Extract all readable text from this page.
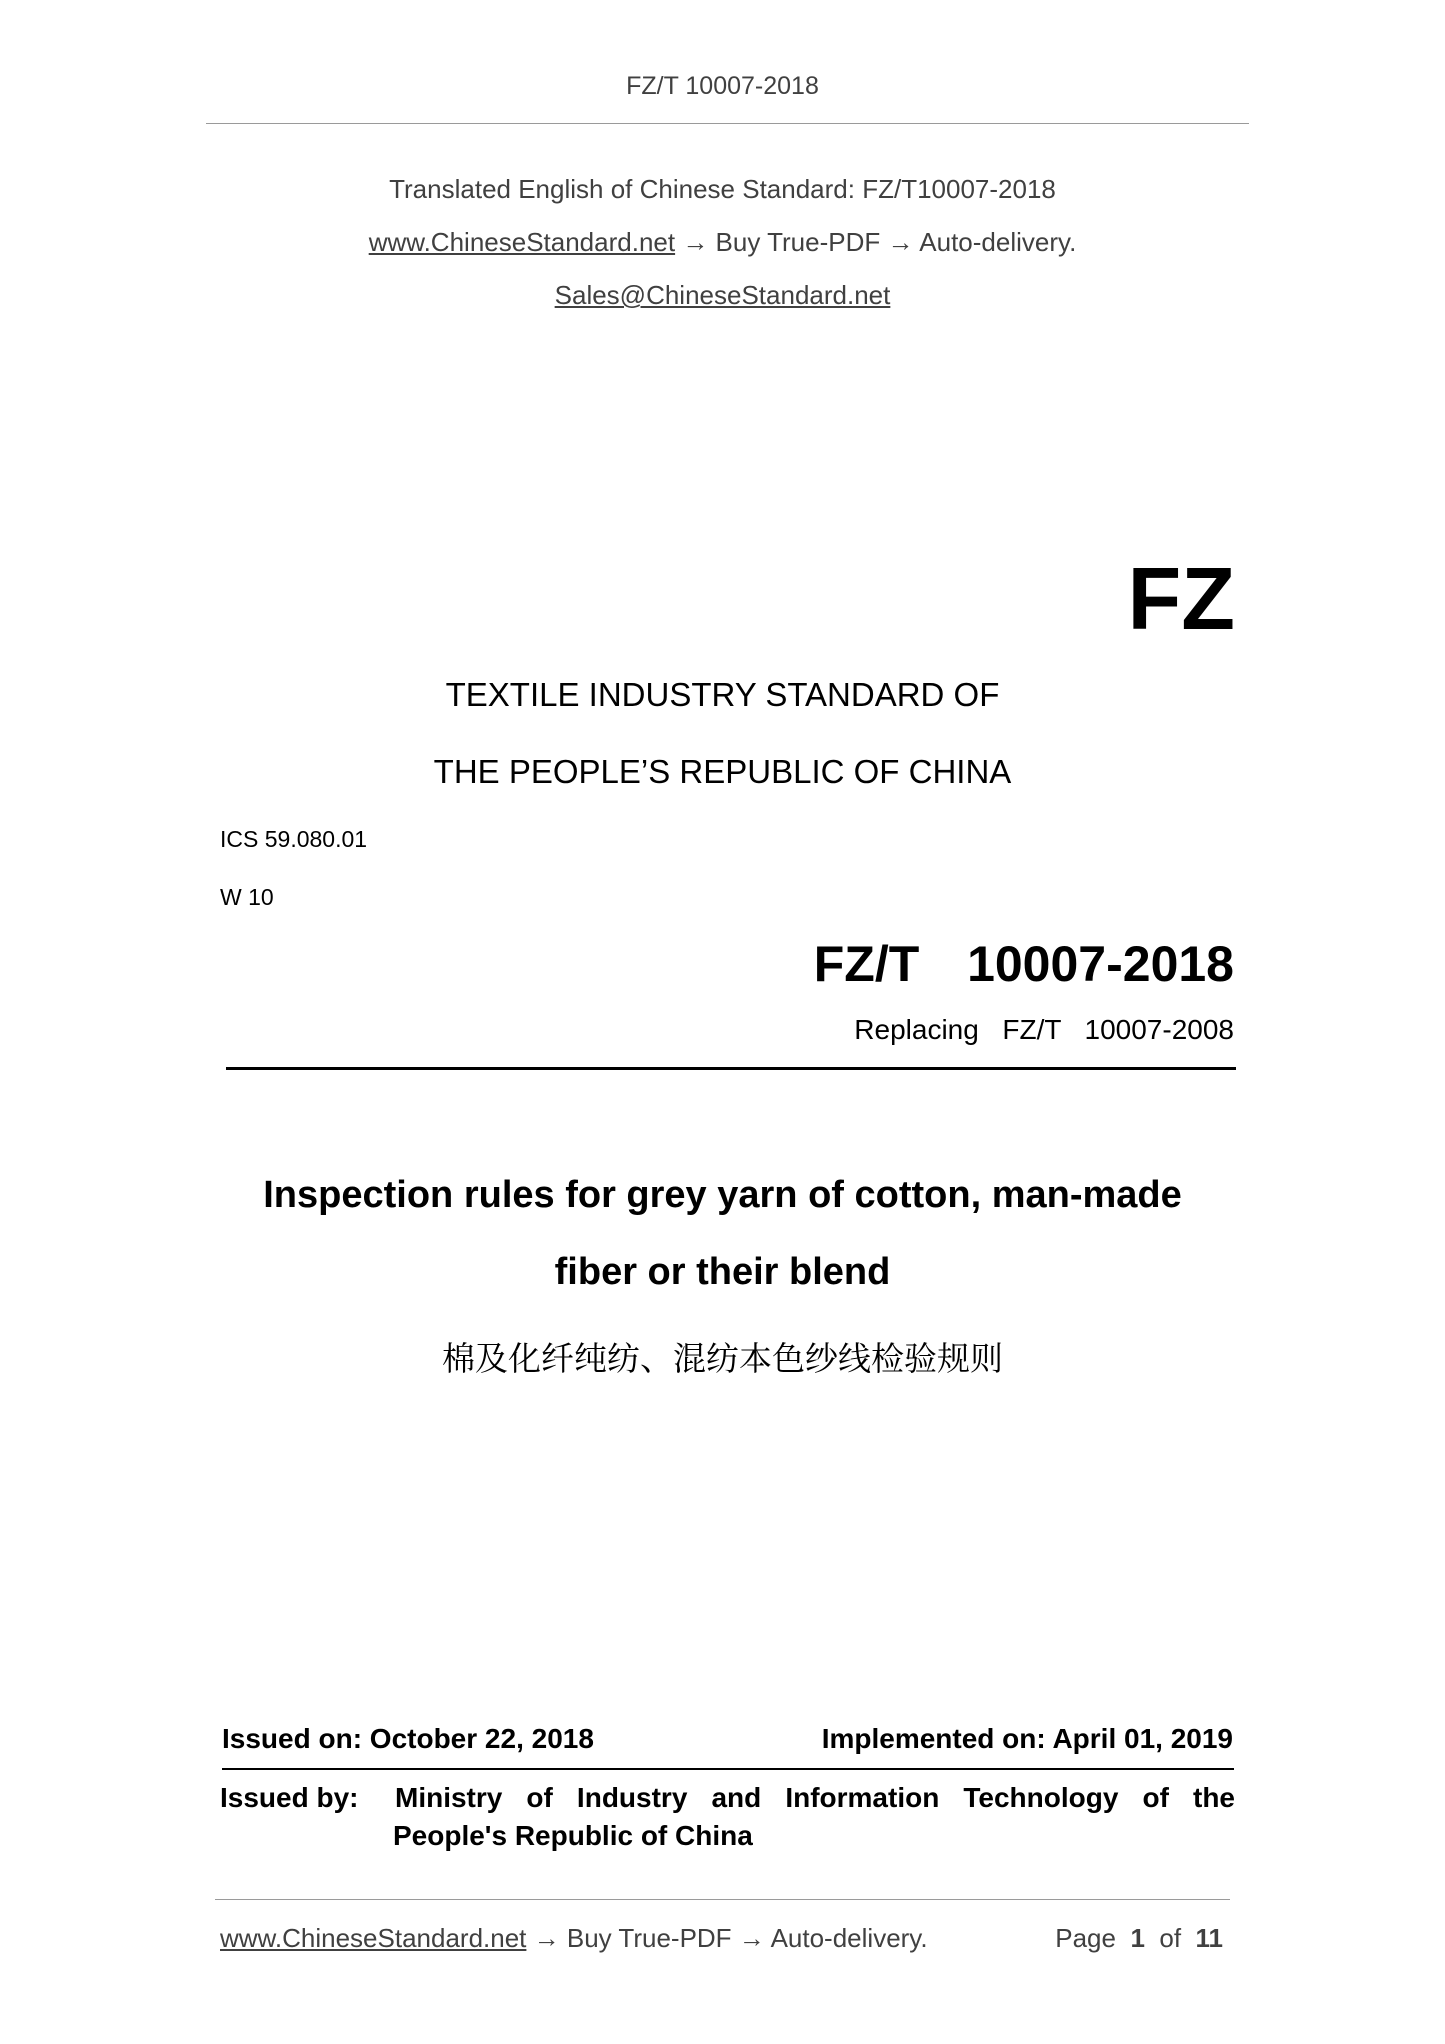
FZ/T 10007-2018
Translated English of Chinese Standard: FZ/T10007-2018
www.ChineseStandard.net → Buy True-PDF → Auto-delivery.
Sales@ChineseStandard.net
FZ
TEXTILE INDUSTRY STANDARD OF
THE PEOPLE’S REPUBLIC OF CHINA
ICS 59.080.01
W 10
FZ/T  10007-2018
Replacing  FZ/T  10007-2008
Inspection rules for grey yarn of cotton, man-made
fiber or their blend
棉及化纤纯纺、混纺本色纱线检验规则
Issued on: October 22, 2018	Implemented on: April 01, 2019
Issued by: Ministry of Industry and Information Technology of the
People's Republic of China
www.ChineseStandard.net → Buy True-PDF → Auto-delivery.	Page 1 of 11
